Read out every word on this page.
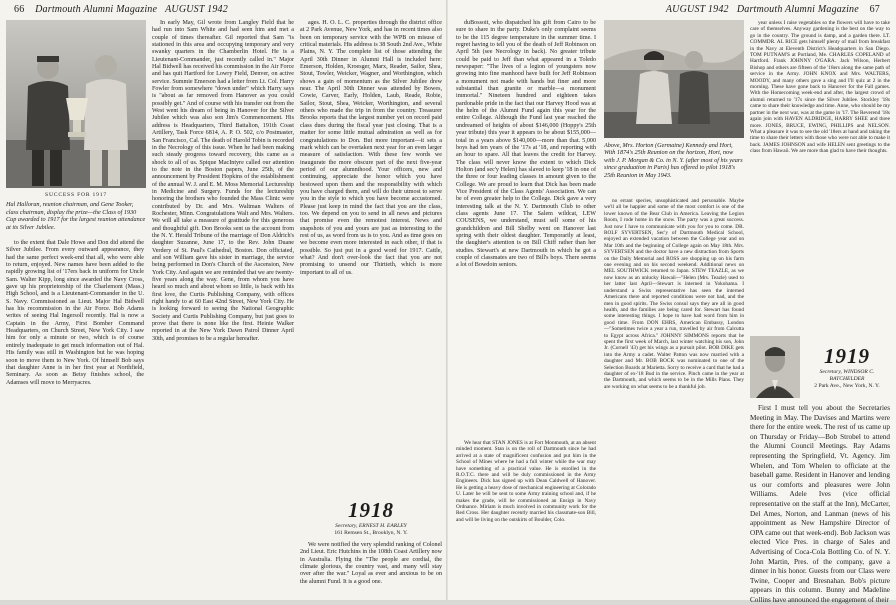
66 Dartmouth Alumni Magazine AUGUST 1942
SUCCESS FOR 1917
Hal Halloran, reunion chairman, and Gene Tooker, class chairman, display the prize—the Class of 1930 Cup awarded to 1917 for the largest reunion attendance at its Silver Jubilee.

to the extent that Dale Howe and Don did attend the Silver Jubilee. From every outward appearance, they had the same perfect week-end that all, who were able to return, enjoyed. New names have been added to the rapidly growing list of '17ers back in uniform for Uncle Sam. Walter Kipp, long since awarded the Navy Cross, gave up his proprietorship of the Charlemont (Mass.) High School, and is a Lieutenant-Commander in the U. S. Navy. Commissioned as Lieut. Major Hal Bidwell has his recommission in the Air Force. Bob Adams writes of seeing Hal Ingersoll recently. Hal is now a Captain in the Army, First Bomber Command Headquarters, on Church Street, New York City. I saw him for only a minute or two, which is of course entirely inadequate to get much information out of Hal. His family was still in Washington but he was hoping soon to move them to New York. Of himself Bob says that daughter Anne is in her first year at Northfield, Seminary. As soon as Betsy finishes school, the Adamses will move to Merryacres.

In early May, Gil wrote from Langley Field that he had run into Sam White and had seen him and met a couple of times thereafter. Gil reported that Sam "is stationed in this area and occupying temporary and very swanky quarters in the Chamberlin Hotel. He is a Lieutenant-Commander, just recently called in." Major Hal Bidwell has received his commission in the Air Force and has quit Hartford for Lowry Field, Denver, on active service. Summie Emerson had a letter from Lt. Col. Harry Fowler from somewhere "down under" which Harry says is "about as far removed from Hanover as you could possibly get." And of course with his transfer out from the West went his dream of being in Hanover for the Silver Jubilee which was also son Jim's Commencement. His address is Headquarters, Third Battalion, 191th Coast Artillery, Task Force 6814, A. P. O. 502, c/o Postmaster, San Francisco, Cal. The death of Harold Tobin is recorded in the Necrology of this issue. When he had been making such steady progress toward recovery, this came as a shock to all of us. Spique MacIntyre called our attention to the note in the Boston papers, June 25th, of the announcement by President Hopkins of the establishment of the annual W. J. and E. M. Moss Memorial Lectureship in Medicine and Surgery. Funds for the lectureship honoring the brothers who founded the Mass Clinic were contributed by Dr. and Mrs. Waltman Walters of Rochester, Minn. Congratulations Walt and Mrs. Walters. We will all take a measure of gratitude for this generous and thoughtful gift. Don Brooks sent us the account from the N. Y. Herald Tribune of the marriage of Don Aldrich's daughter Suzanne, June 17, to the Rev. John Duane Verdery of St. Paul's Cathedral, Boston. Don officiated, and son William gave his sister in marriage, the service being performed in Don's Church of the Ascension, New York City. And again we are reminded that we are twenty-five years along the way. Gene, from whom you have heard so much and about whom so little, is back with his first love, the Curtis Publishing Company, with offices right handy to at 60 East 42nd Street, New York City. He is looking forward to seeing the National Geographic Society and Curtis Publishing Company, but just goes to prove that there is none like the first. Heinie Walker reported in at the New York Dawn Patrol Dinner April 30th, and promises to be a regular hereafter.

ages. H. O. L. C. properties through the district office at 2 Park Avenue, New York, and has in recent times also been on temporary service with the WPB on misuse of critical materials. His address is 38 South 2nd Ave., White Plains, N. Y. The complete list of those attending the April 30th Dinner in Alumni Hall is included here: Emerson, Holden, Kroesger, Marx, Reader, Sailor, Shea, Stout, Towler, Weicker, Wagner, and Worthington, which shows a gain of momentum as the Silver Jubilee drew near. The April 30th Dinner was attended by Bowes, Cowie, Carver, Early, Holden, Laub, Reade, Robie, Sailor, Stout, Shea, Weicker, Worthington, and several others who made the trip in from the country. Treasurer Brooks reports that the largest number yet on record paid class dues during the fiscal year just closing. That is a matter for some little mutual admiration as well as for congratulations to Don. But more important—it sets a mark which can be overtaken next year for an even larger measure of satisfaction. With these few words we inaugurate the more obscure part of the next five-year period of our alumnihood. Your officers, new and continuing, appreciate the honor which you have bestowed upon them and the responsibility with which you have charged them, and will do their utmost to serve you in the style to which you have become accustomed. Please just keep in mind the fact that you are the class, too. We depend on you to send in all news and pictures that promise even the remotest interest. News and snapshots of you and yours are just as interesting to the rest of us, as word from us is to you. And as time goes on we become even more interested in each other, if that is possible. So just put in a good word for 1917. Cattle, what? And don't over-look the fact that you are not promising to unsend our Thirtieth, which is more important to all of us.

1918
Secretary, ERNEST H. EARLEY
161 Remsen St., Brooklyn, N. Y.

We were notified the very splendid ranking of Colonel 2nd Lieut. Eric Hutchins in the 108th Coast Artillery now in Australia. Flying the "The people are cordial, the climate glorious, the country vast, and many will stay over after the war." Loyal as ever and anxious to be on the alumni Fund. It is a good one.

AUGUST 1942 Dartmouth Alumni Magazine 67

duBossoit, who dispatched his gift from Cairo to be sure to share in the party. Duke's only complaint seems to be the 115 degree temperature in the summer time. I regret having to tell you of the death of Jeff Robinson on April 5th (see Necrology in back). No greater tribute could be paid to Jeff than what appeared in a Toledo newspaper: "The lives of a legion of youngsters now growing into fine manhood have built for Jeff Robinson a monument not made with hands but finer and more substantial than granite or marble—a monument immortal." Nineteen hundred and eighteen takes pardonable pride in the fact that our Harvey Hood was at the helm of the Alumni Fund again this year for the entire College. Although the Fund last year reached the undreamed of heights of about $146,000 (Hoppy's 25th year tribute) this year it appears to be about $155,000—total in a years above $140,000—more than that. 5,000 boys had ten years of the '17s at '18, and reporting with an hour to spare. All that leaves the credit for Harvey. The class will never know the extent to which Dick Holton (and sec'y Helen) has slaved to keep '18 in one of the three or four leading classes in amount given to the College. We are proud to learn that Dick has been made Vice President of the Class Agents' Association. We can be of even greater help to the College. Dick gave a very interesting talk at the N. Y. Dartmouth Club to other class agents June 17. The Salem wildcat, LEW COUSENS, we understand, must sell some of his grandchildren and Bill Shelby went on Hanover last spring with their oldest daughter. Temporarily at least, the daughter's attention is on Bill Chiff rather than her studies. Stewart's at new Dartmouth in which he got a couple of classmates are two of Bill's boys. There seems a lot of Bowdoin seniors.

We hear that STAN JONES is at Fort Monmouth, at an absent minded moment. Stan is on the roll of Dartmouth since he had arrived at a state of magnificent confusion and put him in the School of Mines where he had a full winter while the war may have something of a practical value. He is enrolled in the R.O.T.C. there and will be duly commissioned in the Army Engineers. Dick has signed up with Dean Caldwell of Hanover. He is getting a heavy dose of mechanical engineering at Colorado U. Later he will be sent to some Army training school and, if he makes the grade, will be commissioned an Ensign in Navy Ordnance. Miriam is much involved in community work for the Red Cross. Her daughter recently married his classmate-son Bill, and will be living on the outskirts of Boulder, Colo.

Above, Mrs. Horton (Germaine) Kennedy and Hort, With 1874's 25th Reunion on the horizon, Hort, now with J. P. Morgan & Co. in N. Y. (after most of his years since graduation in Paris) has offered to pilot 1918's 25th Reunion in May 1943.

no errant species, unsophisticated and personable. Maybe we'll all be happier and some of the most comfort is one of the lower known of the Bear Club in America. Leaving the Legion Room, I rode home in the snow. The party was a great success. Just now I have to communicate with you for you to come. DR. ROLF SYVERTSEN, Sec'y of Dartmouth Medical School, enjoyed an extended vacation between the College year and on Mar 10th and the beginning of College again on May 18th. Mrs. SYVERTSEN and the doctor have a new distraction from Sports on the Daily Memorial and ROSS are shopping up on his farm one evening and on his second weekend. Additional news on MEL SOUTHWICK returned to Japan. STEW TEAZLE, as we now know as an unlucky Hawaii—"Helen (Mrs. Teazle) used to her latter last April—Stewart is interned in Yokohama. I understand a Swiss representative has seen the interned Americans there and reported conditions were not bad, and the men in good spirits. The Swiss consul says they are all in good health, and the families are being cared for. Stewart has found some interesting things. I hope to have had word from him in good time. From DON EHRS, American Embassy, London—"Sometimes twice a year a run, travelled by air from Calcutta to Egypt across Africa." JOHNNY SIMMONS reports that he spent the first week of March, last winter watching his son, John Jr. (Cornell '43) get his wings as a pursuit pilot. BOB DIKE gets into the Army a cadet. Walter Patton was now married with a daughter and Mr. BOB BOCK was nominated to one of the Selection Boards at Marietta. Sorry to receive a card that he had a daughter of ex-'18 Bud in the service. Pinch came in the year at the Dartmouth, and which seems to be in the Mills Plans. They are working on what seems to be a thankful job.

year unless I raise vegetables so the flowers will have to take care of themselves. Anyway gardening is the best on the way to go in the country. The ground is damp, and a garden there. LT. COMMDR. AL RICE gets himself plenty of mail from breakfast in the Navy at Eleventh District's Headquarters in San Diego. TOM PUTNAM'S at Portland, Me. CHARLES COPELAND of Hartford. Frank JOHNNY O'GARA. Jack Wilson, Herbert Bishop and others are fifteen of the '18ers along the same path of service in the Army. JOHN KNOX and Mrs. WALTERS, MOODY, and many others gave a sing and I'll quiz at 2 in the morning. These have gone back to Hanover for the Fall games. With the Homecoming week-end and after, the largest crowd of alumni returned to '17s since the Silver Jubilee. Stockley '18s came to share their knowledge and time. Anne, who should be my partner in the next war, was at the game in '17. The Reverend '18s again join with HAVEN ALDRIDGE, HARRY SHEE and three more. JONES, BRUCE, EWING, PHILLIPS and NELSON. What a pleasure it was to see the old '18ers at hand and taking the time to share their letters with those who were not able to make it back. JAMES JOHNSON and wife HELEN sent greetings to the class from Hawaii. We are more than glad to have their thoughts.

1919
Secretary, WINDSOR C. BATCHELDER
2 Park Ave., New York, N. Y.

First I must tell you about the Secretaries Meeting in May. The Davises and Martins were there for the entire week. The rest of us came up on Thursday or Friday—Bob Strobel to attend the Alumni Council Meetings. Ray Adams representing the Springfield, Vt. Agency. Jim Whelen, and Tom Whelen to officiate at the baseball game. Resident in Hanover and lending us our comforts and pleasures were John Williams. Adele Ives (vice official representative on the staff at the Inn), McCarter, Del Ames, Norton, and Lanman (news of his appointment as New Hampshire Director of OPA came out that week-end). Bob Jackson was elected Vice Pres. in charge of Sales and Advertising of Coca-Cola Bottling Co. of N. Y. John Martin, Pres. of the company, gave a dinner in his honor. Guests from our Class were Twine, Cooper and Bresnahan. Bob's picture appears in this column. Bunny and Madeline Collins have announced the engagement of their
